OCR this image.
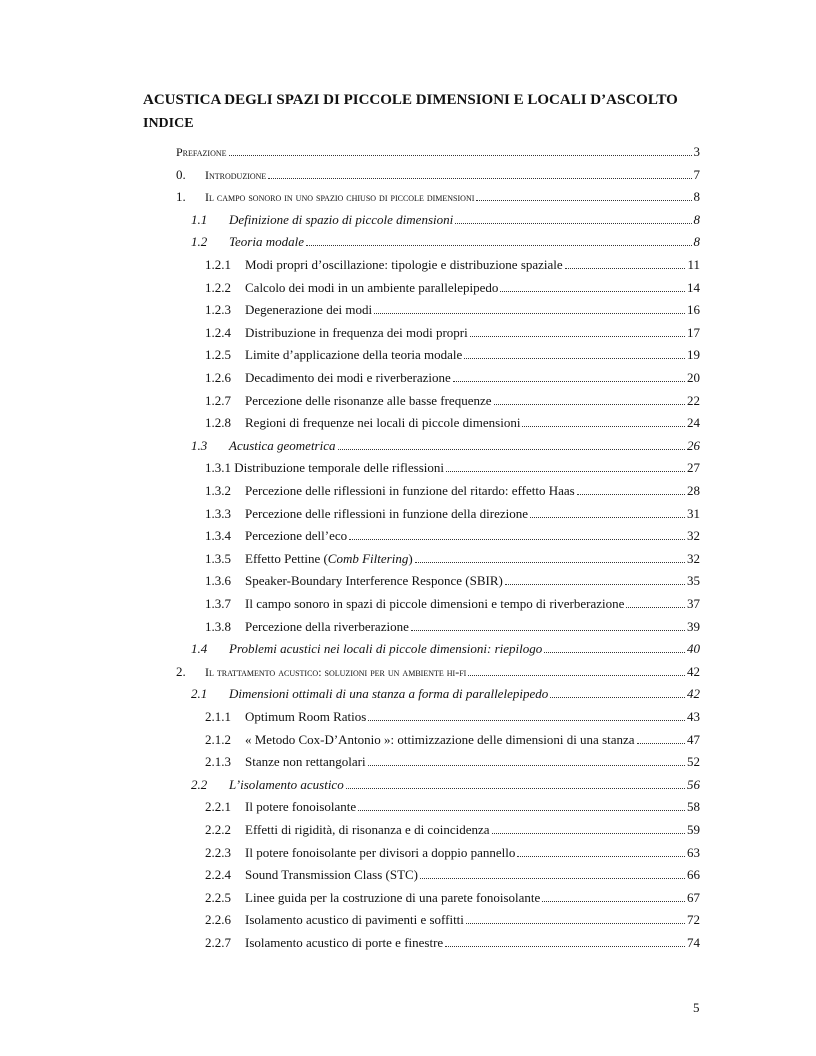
ACUSTICA DEGLI SPAZI DI PICCOLE DIMENSIONI E LOCALI D’ASCOLTO
INDICE
Prefazione	3
0.	Introduzione	7
1.	Il campo sonoro in uno spazio chiuso di piccole dimensioni	8
1.1	Definizione di spazio di piccole dimensioni	8
1.2	Teoria modale	8
1.2.1	Modi propri d’oscillazione: tipologie e distribuzione spaziale	11
1.2.2	Calcolo dei modi in un ambiente parallelepipedo	14
1.2.3	Degenerazione dei modi	16
1.2.4	Distribuzione in frequenza dei modi propri	17
1.2.5	Limite d’applicazione della teoria modale	19
1.2.6	Decadimento dei modi e riverberazione	20
1.2.7	Percezione delle risonanze alle basse frequenze	22
1.2.8	Regioni di frequenze nei locali di piccole dimensioni	24
1.3	Acustica geometrica	26
1.3.1 Distribuzione temporale delle riflessioni	27
1.3.2	Percezione delle riflessioni in funzione del ritardo: effetto Haas	28
1.3.3	Percezione delle riflessioni in funzione della direzione	31
1.3.4	Percezione dell’eco	32
1.3.5	Effetto Pettine (Comb Filtering)	32
1.3.6	Speaker-Boundary Interference Responce (SBIR)	35
1.3.7	Il campo sonoro in spazi di piccole dimensioni e tempo di riverberazione	37
1.3.8	Percezione della riverberazione	39
1.4	Problemi acustici nei locali di piccole dimensioni: riepilogo	40
2.	Il trattamento acustico: soluzioni per un ambiente hi-fi	42
2.1	Dimensioni ottimali di una stanza a forma di parallelepipedo	42
2.1.1	Optimum Room Ratios	43
2.1.2	« Metodo Cox-D’Antonio »: ottimizzazione delle dimensioni di una stanza	47
2.1.3	Stanze non rettangolari	52
2.2	L’isolamento acustico	56
2.2.1	Il potere fonoisolante	58
2.2.2	Effetti di rigidità, di risonanza e di coincidenza	59
2.2.3	Il potere fonoisolante per divisori a doppio pannello	63
2.2.4	Sound Transmission Class (STC)	66
2.2.5	Linee guida per la costruzione di una parete fonoisolante	67
2.2.6	Isolamento acustico di pavimenti e soffitti	72
2.2.7	Isolamento acustico di porte e finestre	74
5
